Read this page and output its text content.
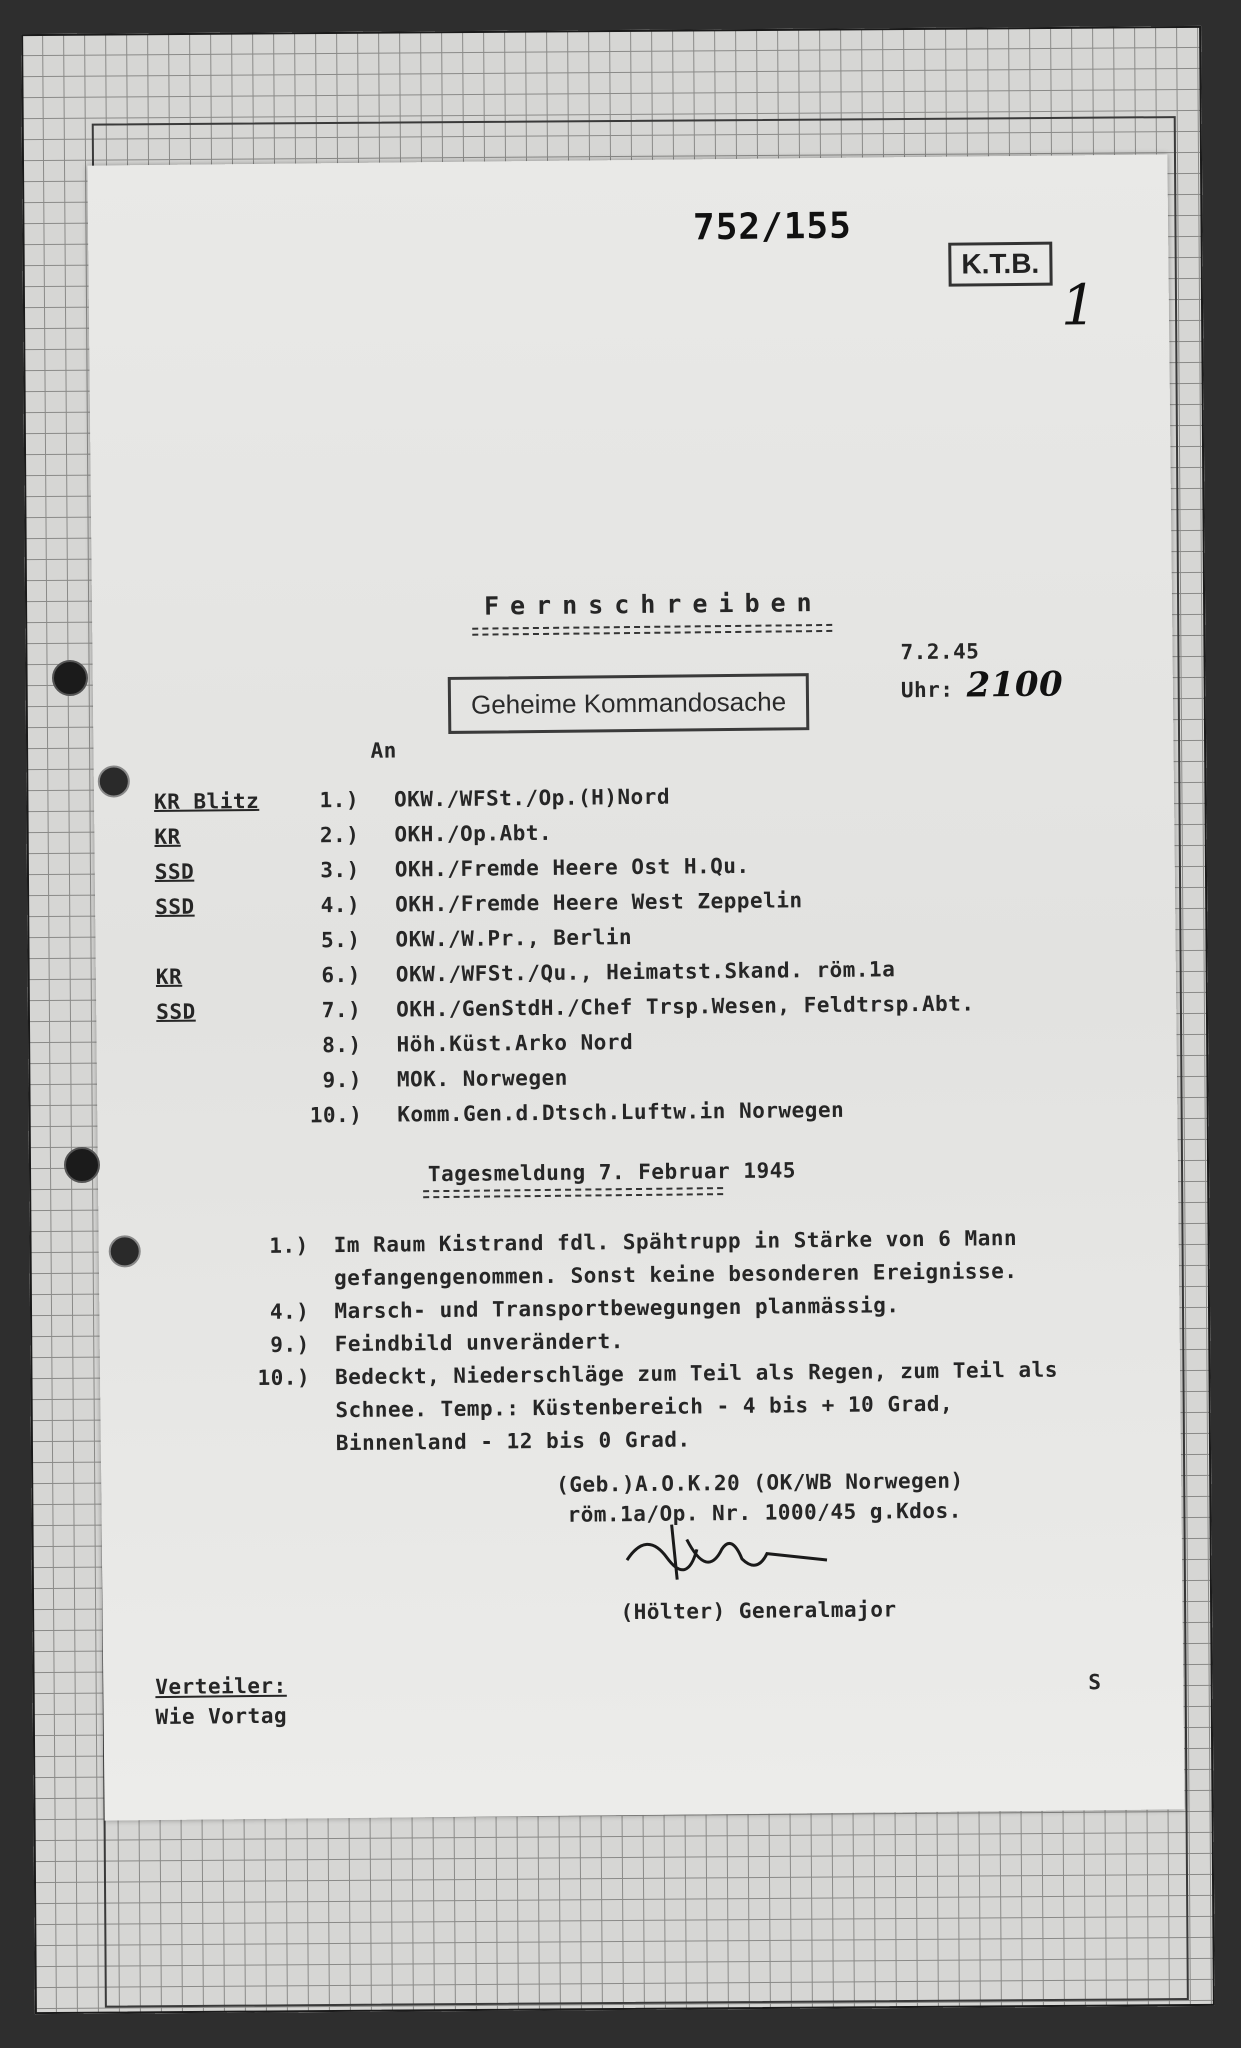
752/155
K.T.B.
1
Fernschreiben
7.2.45
Uhr: 2100
Geheime Kommandosache
An
KR Blitz	1.) OKW./WFSt./Op.(H)Nord
KR	2.) OKH./Op.Abt.
SSD	3.) OKH./Fremde Heere Ost H.Qu.
SSD	4.) OKH./Fremde Heere West Zeppelin
5.) OKW./W.Pr., Berlin
KR	6.) OKW./WFSt./Qu., Heimatst.Skand. röm.1a
SSD	7.) OKH./GenStdH./Chef Trsp.Wesen, Feldtrsp.Abt.
8.) Höh.Küst.Arko Nord
9.) MOK. Norwegen
10.) Komm.Gen.d.Dtsch.Luftw.in Norwegen
Tagesmeldung 7. Februar 1945
1.) Im Raum Kistrand fdl. Spähtrupp in Stärke von 6 Mann
gefangengenommen. Sonst keine besonderen Ereignisse.
4.) Marsch- und Transportbewegungen planmässig.
9.) Feindbild unverändert.
10.) Bedeckt, Niederschläge zum Teil als Regen, zum Teil als
Schnee. Temp.: Küstenbereich - 4 bis + 10 Grad,
Binnenland - 12 bis 0 Grad.
(Geb.)A.O.K.20 (OK/WB Norwegen)
röm.1a/Op. Nr. 1000/45 g.Kdos.
(Hölter) Generalmajor
Verteiler:
Wie Vortag
S
